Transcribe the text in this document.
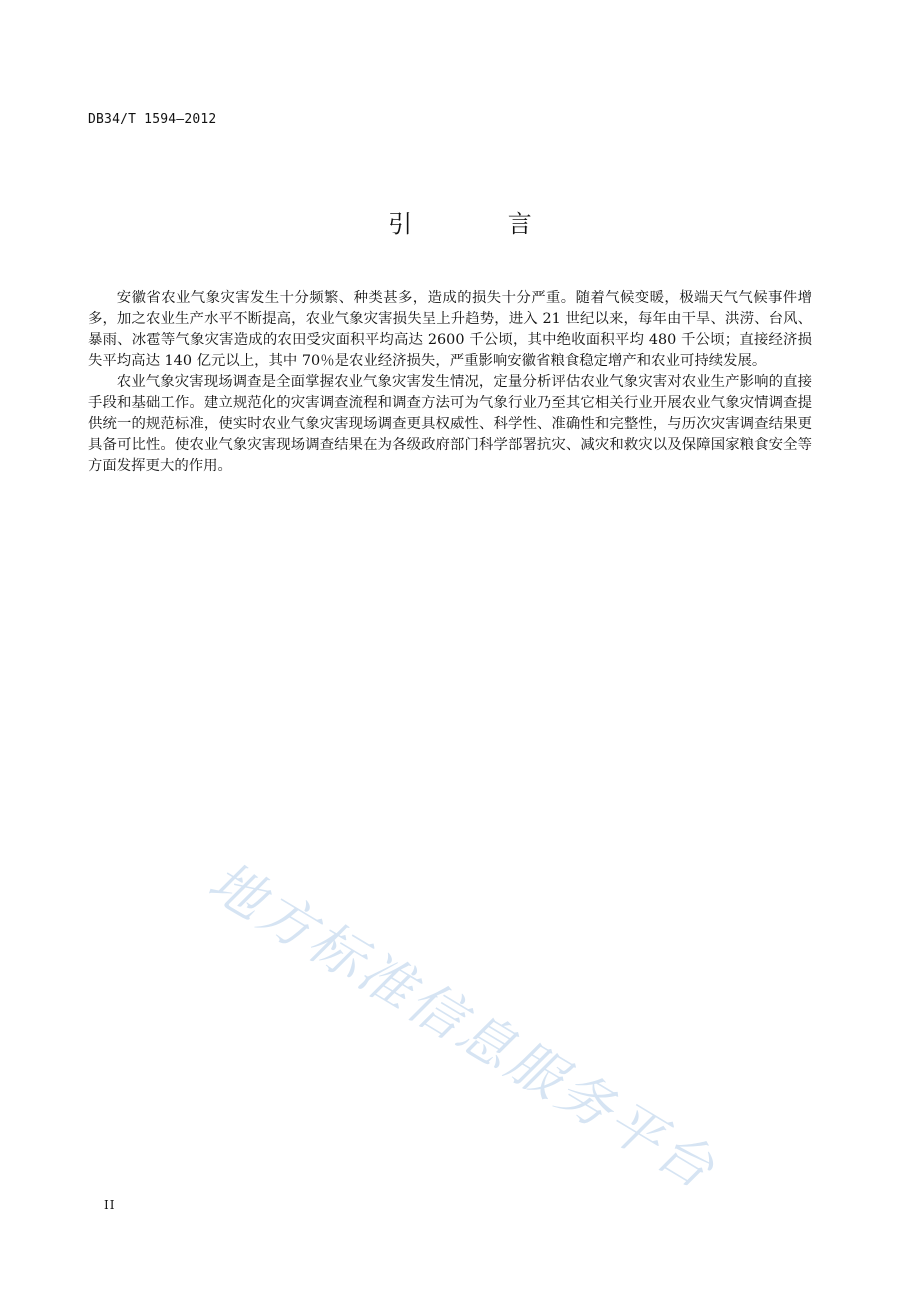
DB34/T 1594—2012
引 言

安徽省农业气象灾害发生十分频繁、种类甚多，造成的损失十分严重。随着气候变暖，极端天气气候事件增多，加之农业生产水平不断提高，农业气象灾害损失呈上升趋势，进入 21 世纪以来，每年由干旱、洪涝、台风、暴雨、冰雹等气象灾害造成的农田受灾面积平均高达 2600 千公顷，其中绝收面积平均 480 千公顷；直接经济损失平均高达 140 亿元以上，其中 70％是农业经济损失，严重影响安徽省粮食稳定增产和农业可持续发展。

农业气象灾害现场调查是全面掌握农业气象灾害发生情况，定量分析评估农业气象灾害对农业生产影响的直接手段和基础工作。建立规范化的灾害调查流程和调查方法可为气象行业乃至其它相关行业开展农业气象灾情调查提供统一的规范标准，使实时农业气象灾害现场调查更具权威性、科学性、准确性和完整性，与历次灾害调查结果更具备可比性。使农业气象灾害现场调查结果在为各级政府部门科学部署抗灾、减灾和救灾以及保障国家粮食安全等方面发挥更大的作用。

地方标准信息服务平台
II
